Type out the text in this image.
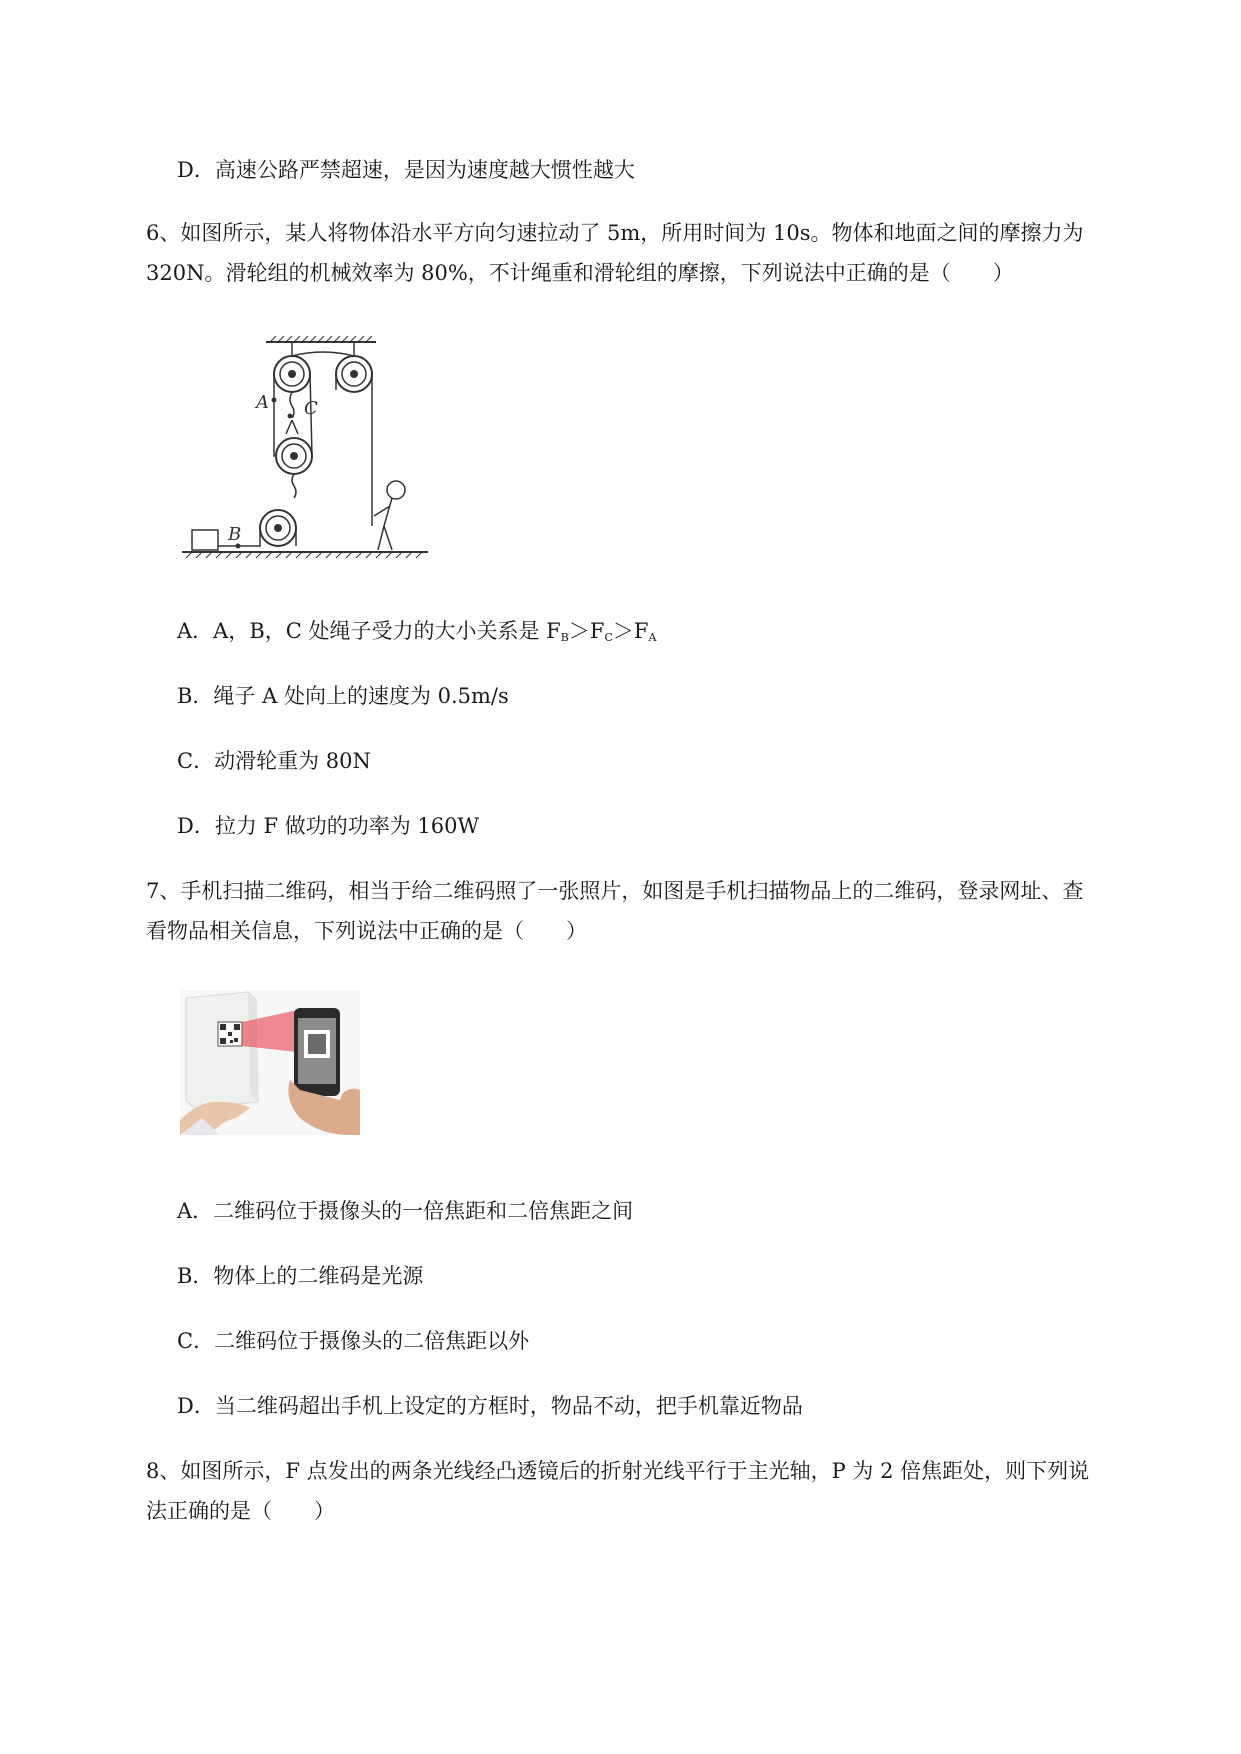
D．高速公路严禁超速，是因为速度越大惯性越大
6、如图所示，某人将物体沿水平方向匀速拉动了 5m，所用时间为 10s。物体和地面之间的摩擦力为
320N。滑轮组的机械效率为 80%，不计绳重和滑轮组的摩擦，下列说法中正确的是（　　）
A C
B
A．A，B，C 处绳子受力的大小关系是 $F_B>F_C>F_A$
B．绳子 A 处向上的速度为 0.5m/s
C．动滑轮重为 80N
D．拉力 F 做功的功率为 160W
7、手机扫描二维码，相当于给二维码照了一张照片，如图是手机扫描物品上的二维码，登录网址、查
看物品相关信息，下列说法中正确的是（　　）
A．二维码位于摄像头的一倍焦距和二倍焦距之间
B．物体上的二维码是光源
C．二维码位于摄像头的二倍焦距以外
D．当二维码超出手机上设定的方框时，物品不动，把手机靠近物品
8、如图所示，F 点发出的两条光线经凸透镜后的折射光线平行于主光轴，P 为 2 倍焦距处，则下列说
法正确的是（　　）
